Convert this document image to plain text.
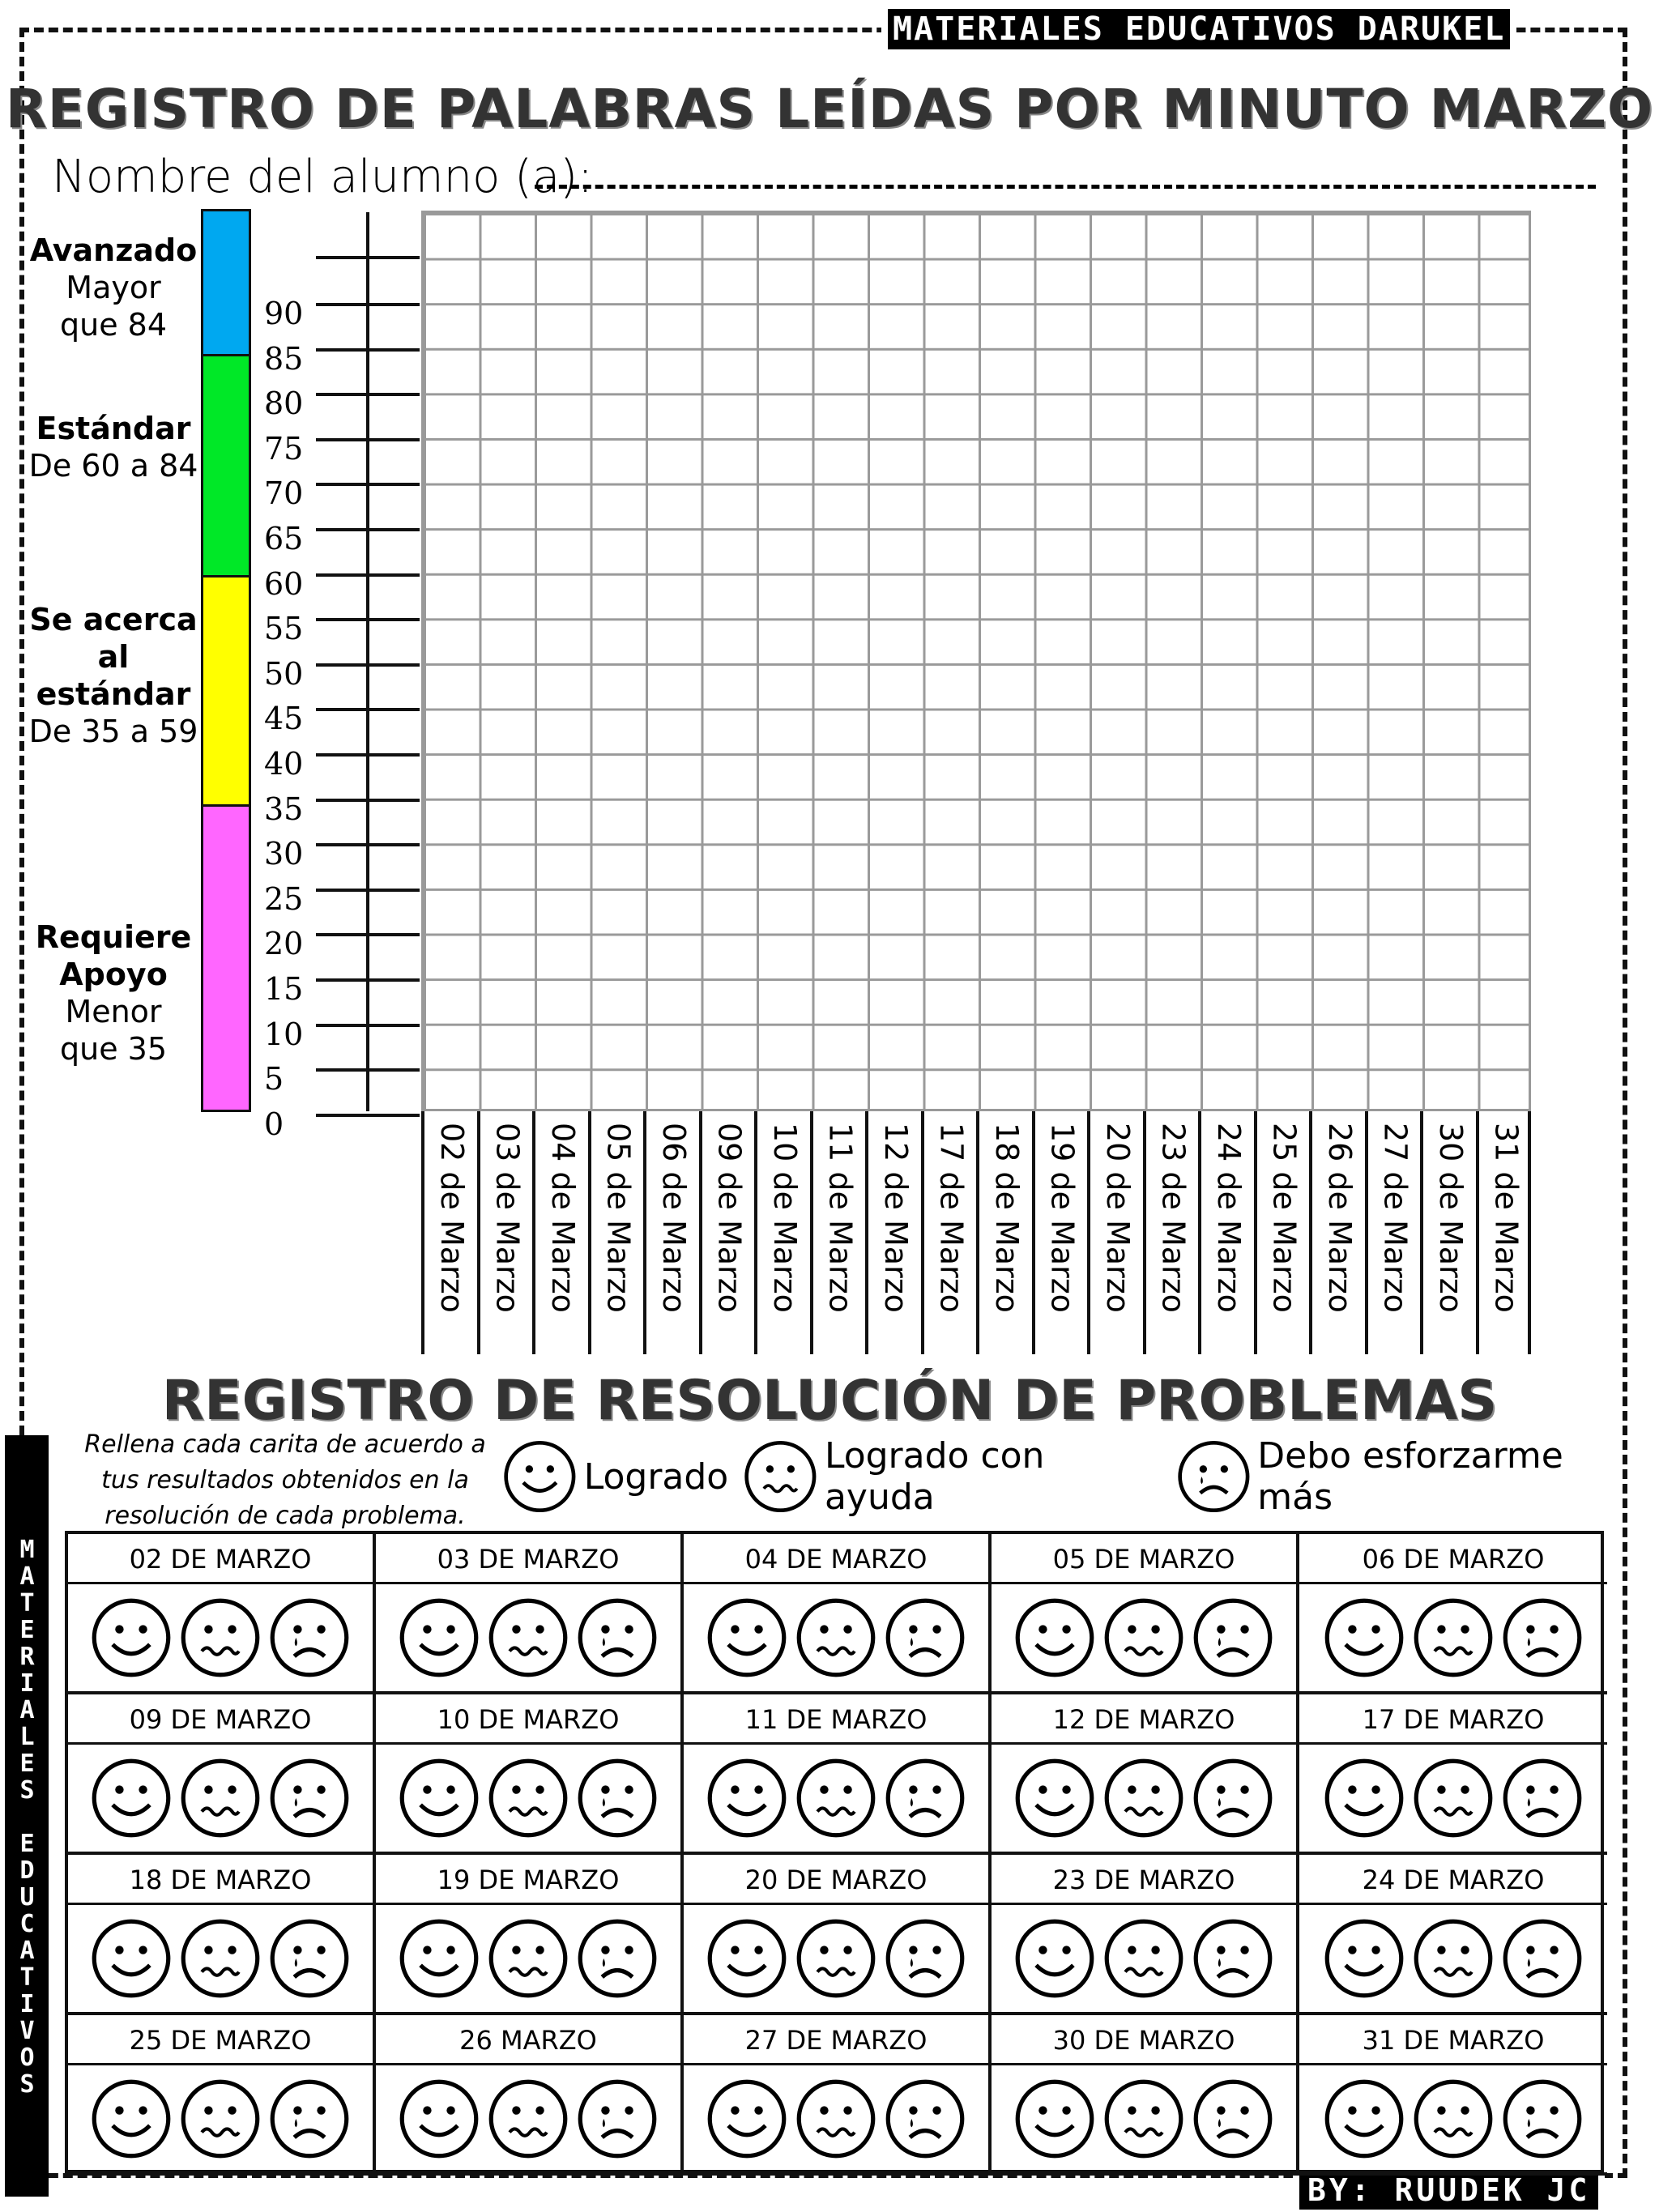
MATERIALES EDUCATIVOS DARUKEL
MATERIALES EDUCATIVOS
BY: RUUDEK JC
REGISTRO DE PALABRAS LEÍDAS POR MINUTO MARZO
Nombre del alumno (a):
Avanzado
Mayor
que 84
Estándar
De 60 a 84
Se acerca
al
estándar
De 35 a 59
Requiere
Apoyo
Menor
que 35
90
85
80
75
70
65
60
55
50
45
40
35
30
25
20
15
10
5
0	02 de Marzo 03 de Marzo 04 de Marzo 05 de Marzo 06 de Marzo 09 de Marzo 10 de Marzo 11 de Marzo 12 de Marzo 17 de Marzo 18 de Marzo 19 de Marzo 20 de Marzo 23 de Marzo 24 de Marzo 25 de Marzo 26 de Marzo 27 de Marzo 30 de Marzo 31 de Marzo
REGISTRO DE RESOLUCIÓN DE PROBLEMAS
Rellena cada carita de acuerdo a tus resultados obtenidos en la resolución de cada problema.
Logrado	Logrado con ayuda
Debo esforzarme más
02 DE MARZO	03 DE MARZO	04 DE MARZO	05 DE MARZO	06 DE MARZO
09 DE MARZO	10 DE MARZO	11 DE MARZO	12 DE MARZO	17 DE MARZO
18 DE MARZO	19 DE MARZO	20 DE MARZO	23 DE MARZO	24 DE MARZO
25 DE MARZO	26 MARZO	27 DE MARZO	30 DE MARZO	31 DE MARZO
